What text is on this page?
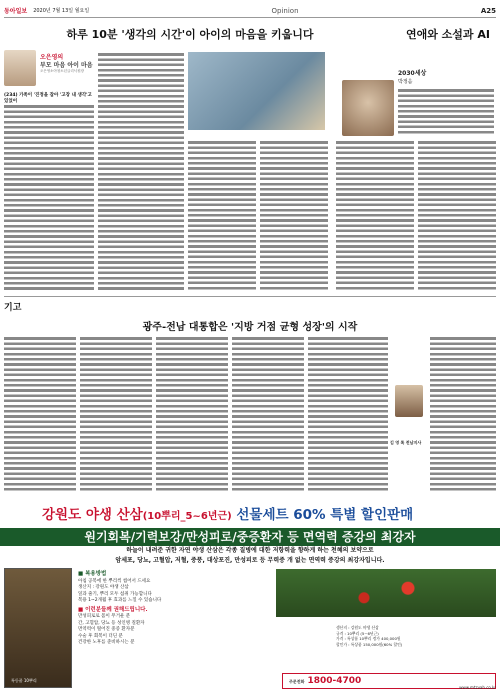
동아일보 2020년 7월 13일 월요일	Opinion	A25
하루 10분 '생각의 시간'이 아이의 마음을 키웁니다	연애와 소설과 AI
오은영의
부모 마음 아이 마음
오은영소아청소년클리닉원장
(234) 가족이 '진정을 잡아 '고장 내 생각'고 있었어
2030세상
박정음
기고
광주-전남 대통합은 '지방 거점 균형 성장'의 시작
김 영 록 전남지사
강원도 야생 산삼(10뿌리_5~6년근) 선물세트 60% 특별 할인판매
원기회복/기력보강/만성피로/중증환자 등 면역력 증강의 최강자
하늘이 내려준 귀한 자연 야생 산삼은 각종 질병에 대한 저항력을 향하게 하는 천혜의 보약으로
암세포, 당뇨, 고혈압, 저혈, 중풍, 대상포진, 만성피로 등 무력증 개 없는 면역력 증강의 최강자입니다.
특등품 10뿌리
■ 복용방법
아침 공복에 한 뿌리씩 씹어서 드세요
생산지 : 강원도 야생 산삼
잎과 줄기, 뿌리 모두 섭취 가능합니다
복용 1~2개월 후 효과를 느낄 수 있습니다
■ 이런분들께 권해드립니다.
만성피로로 몸이 무거운 분
간, 고혈압, 당뇨 등 성인병 질환자
면역력이 떨어진 중증 환자분
수술 후 회복이 더딘 분
건강한 노후를 준비하시는 분
생산지 : 강원도 야생 산삼
규격 : 10뿌리 (5~6년근)
가격 : 특상품 10뿌리 정가 400,000원
할인가 : 특상품 150,000원(60% 할인)
주문전화 1800-4700
www.mtzvah.co.kr
